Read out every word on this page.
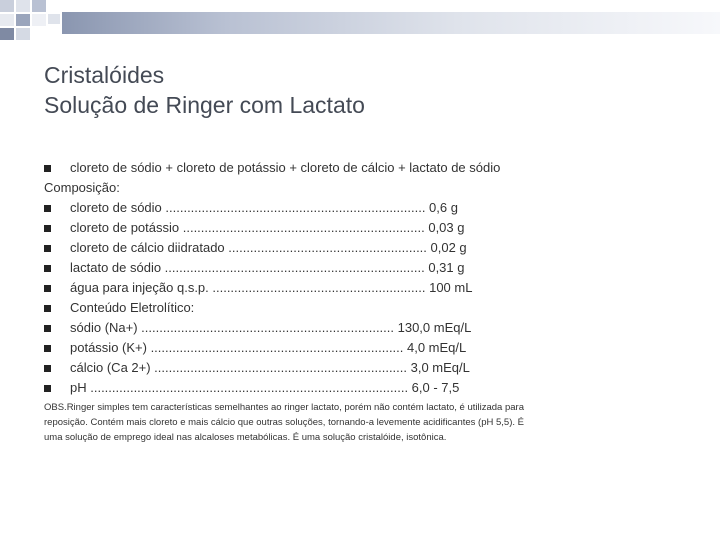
Cristalóides
Solução de Ringer com Lactato
cloreto de sódio + cloreto de potássio + cloreto de cálcio + lactato de sódio
Composição:
cloreto de sódio ........................................................................ 0,6 g
cloreto de potássio ................................................................... 0,03 g
cloreto de cálcio diidratado ....................................................... 0,02 g
lactato de sódio ........................................................................ 0,31 g
água para injeção q.s.p. ........................................................... 100 mL
Conteúdo Eletrolítico:
sódio (Na+) ...................................................................... 130,0 mEq/L
potássio (K+) ...................................................................... 4,0 mEq/L
cálcio (Ca 2+) ...................................................................... 3,0 mEq/L
pH ........................................................................................ 6,0 - 7,5
OBS.Ringer simples tem características semelhantes ao ringer lactato, porém não contém lactato, é utilizada para reposição. Contém mais cloreto e mais cálcio que outras soluções, tornando-a levemente acidificantes (pH 5,5). É uma solução de emprego ideal nas alcaloses metabólicas. É uma solução cristalóide, isotônica.
